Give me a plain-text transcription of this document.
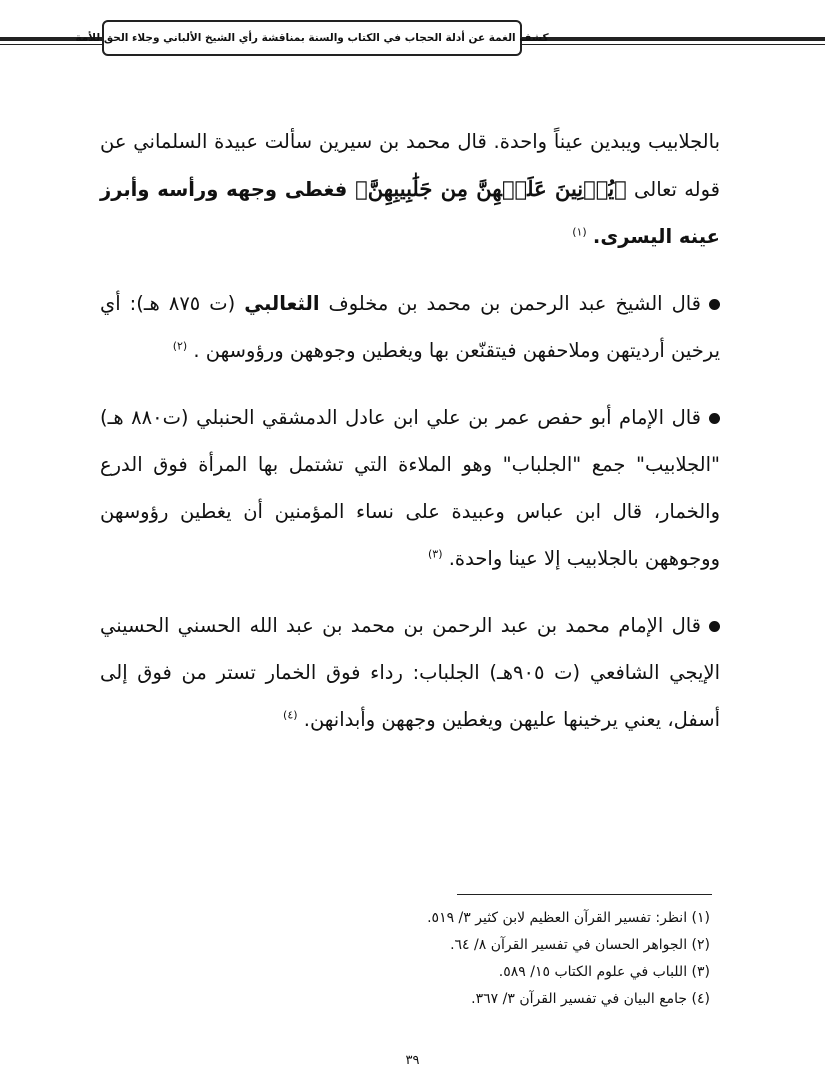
كشف الغمة عن أدلة الحجاب في الكتاب والسنة بمناقشة رأي الشيخ الألباني وجلاء الحق للأمة

بالجلابيب ويبدين عيناً واحدة. قال محمد بن سيرين سألت عبيدة السلماني عن قوله تعالى ﴿يُدۡنِينَ عَلَيۡهِنَّ مِن جَلَٰبِيبِهِنَّ﴾ فغطى وجهه ورأسه وأبرز عينه اليسرى. $^{(١)}$

قال الشيخ عبد الرحمن بن محمد بن مخلوف الثعالبي (ت ٨٧٥ هـ): أي يرخين أرديتهن وملاحفهن فيتقنّعن بها ويغطين وجوههن ورؤوسهن . $^{(٢)}$

قال الإمام أبو حفص عمر بن علي ابن عادل الدمشقي الحنبلي (ت٨٨٠ هـ) "الجلابيب" جمع "الجلباب" وهو الملاءة التي تشتمل بها المرأة فوق الدرع والخمار، قال ابن عباس وعبيدة على نساء المؤمنين أن يغطين رؤوسهن ووجوههن بالجلابيب إلا عينا واحدة. $^{(٣)}$

قال الإمام محمد بن عبد الرحمن بن محمد بن عبد الله الحسني الحسيني الإيجي الشافعي (ت ٩٠٥هـ) الجلباب: رداء فوق الخمار تستر من فوق إلى أسفل، يعني يرخينها عليهن ويغطين وجههن وأبدانهن. $^{(٤)}$

(١) انظر: تفسير القرآن العظيم لابن كثير ٣/ ٥١٩.
(٢) الجواهر الحسان في تفسير القرآن ٨/ ٦٤.
(٣) اللباب في علوم الكتاب ١٥/ ٥٨٩.
(٤) جامع البيان في تفسير القرآن ٣/ ٣٦٧.
٣٩
